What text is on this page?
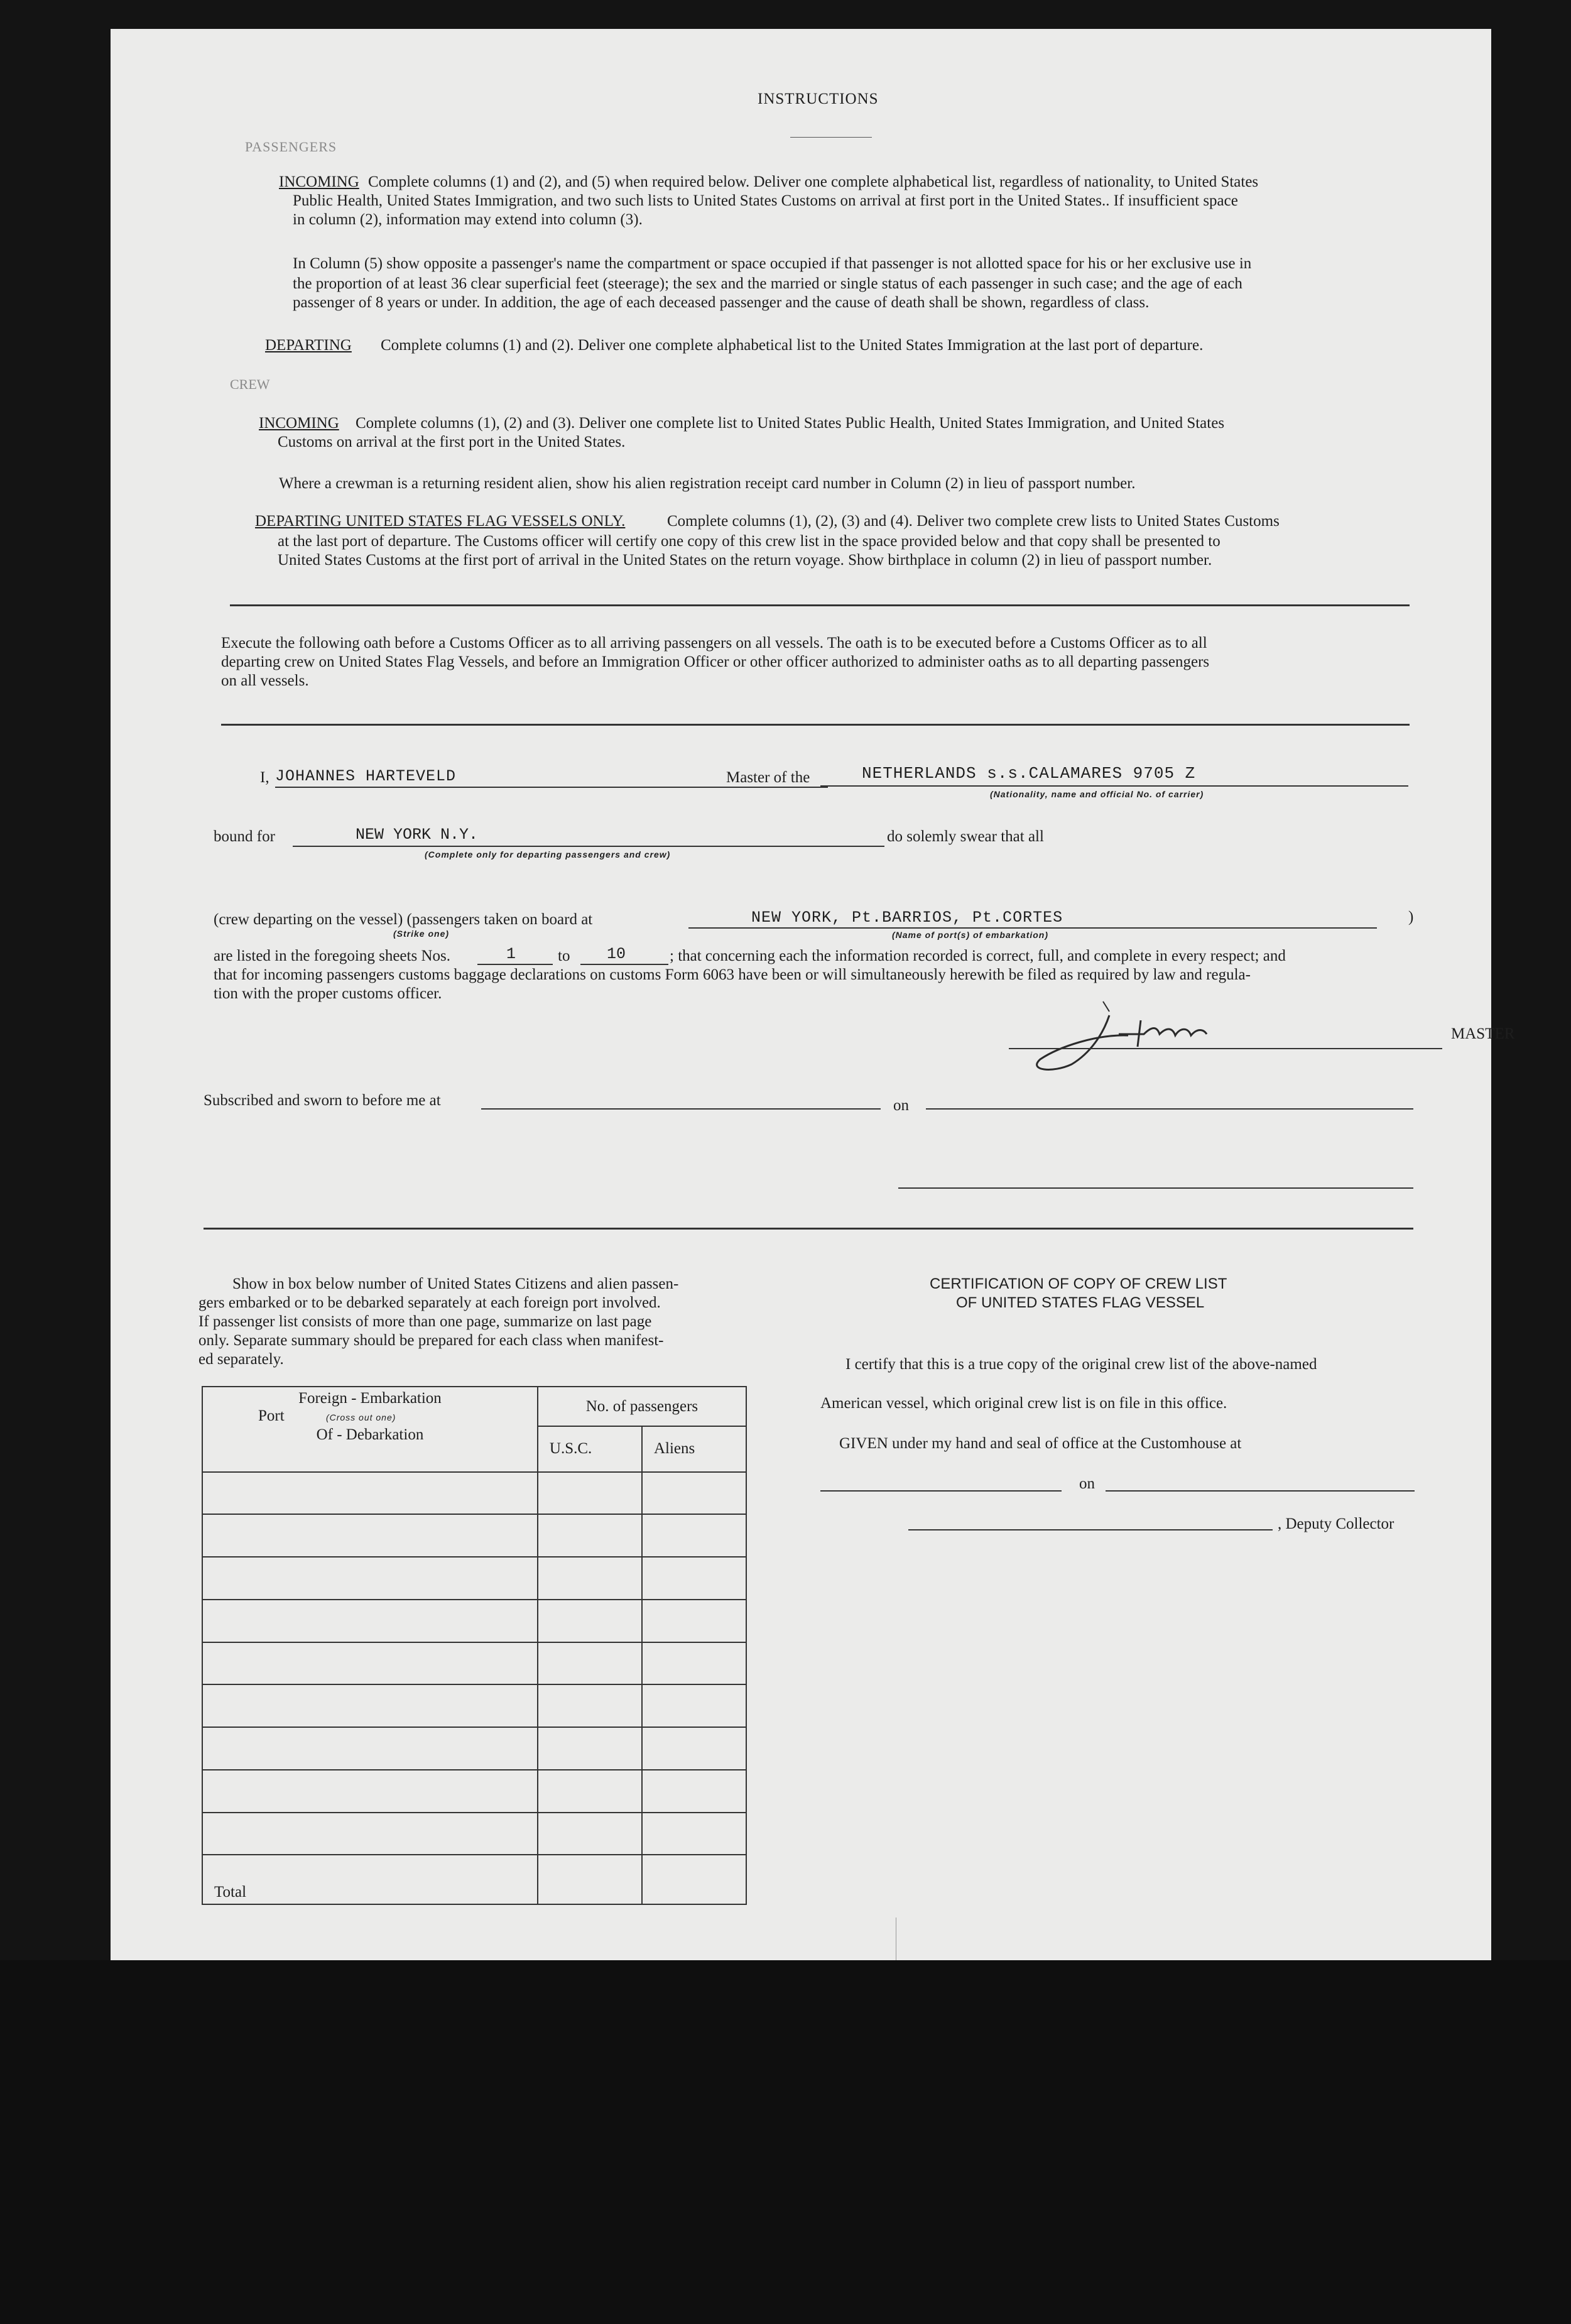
INSTRUCTIONS
PASSENGERS
INCOMING Complete columns (1) and (2), and (5) when required below. Deliver one complete alphabetical list, regardless of nationality, to United States
Public Health, United States Immigration, and two such lists to United States Customs on arrival at first port in the United States.. If insufficient space
in column (2), information may extend into column (3).
In Column (5) show opposite a passenger's name the compartment or space occupied if that passenger is not allotted space for his or her exclusive use in
the proportion of at least 36 clear superficial feet (steerage); the sex and the married or single status of each passenger in such case; and the age of each
passenger of 8 years or under. In addition, the age of each deceased passenger and the cause of death shall be shown, regardless of class.
DEPARTING Complete columns (1) and (2). Deliver one complete alphabetical list to the United States Immigration at the last port of departure.
CREW
INCOMING Complete columns (1), (2) and (3). Deliver one complete list to United States Public Health, United States Immigration, and United States
Customs on arrival at the first port in the United States.
Where a crewman is a returning resident alien, show his alien registration receipt card number in Column (2) in lieu of passport number.
DEPARTING UNITED STATES FLAG VESSELS ONLY.	Complete columns (1), (2), (3) and (4). Deliver two complete crew lists to United States Customs
at the last port of departure. The Customs officer will certify one copy of this crew list in the space provided below and that copy shall be presented to
United States Customs at the first port of arrival in the United States on the return voyage. Show birthplace in column (2) in lieu of passport number.
Execute the following oath before a Customs Officer as to all arriving passengers on all vessels. The oath is to be executed before a Customs Officer as to all
departing crew on United States Flag Vessels, and before an Immigration Officer or other officer authorized to administer oaths as to all departing passengers
on all vessels.
I, JOHANNES HARTEVELD	Master of the	NETHERLANDS s.s.CALAMARES 9705 Z
(Nationality, name and official No. of carrier)
bound for	NEW YORK N.Y.
(Complete only for departing passengers and crew)
do solemly swear that all
(crew departing on the vessel) (passengers taken on board at
(Strike one)
NEW YORK, Pt.BARRIOS, Pt.CORTES
(Name of port(s) of embarkation)
)
are listed in the foregoing sheets Nos.	1	to 10	; that concerning each the information recorded is correct, full, and complete in every respect; and
that for incoming passengers customs baggage declarations on customs Form 6063 have been or will simultaneously herewith be filed as required by law and regula-
tion with the proper customs officer.
MASTER
Subscribed and sworn to before me at	on
Show in box below number of United States Citizens and alien passen-
gers embarked or to be debarked separately at each foreign port involved.
If passenger list consists of more than one page, summarize on last page
only. Separate summary should be prepared for each class when manifest-
ed separately.
Foreign - Embarkation
Port (Cross out one)
Of - Debarkation	No. of passengers	
	U.S.C.	Aliens

Total		
CERTIFICATION OF COPY OF CREW LIST
OF UNITED STATES FLAG VESSEL
I certify that this is a true copy of the original crew list of the above-named
American vessel, which original crew list is on file in this office.
GIVEN under my hand and seal of office at the Customhouse at
on
, Deputy Collector
